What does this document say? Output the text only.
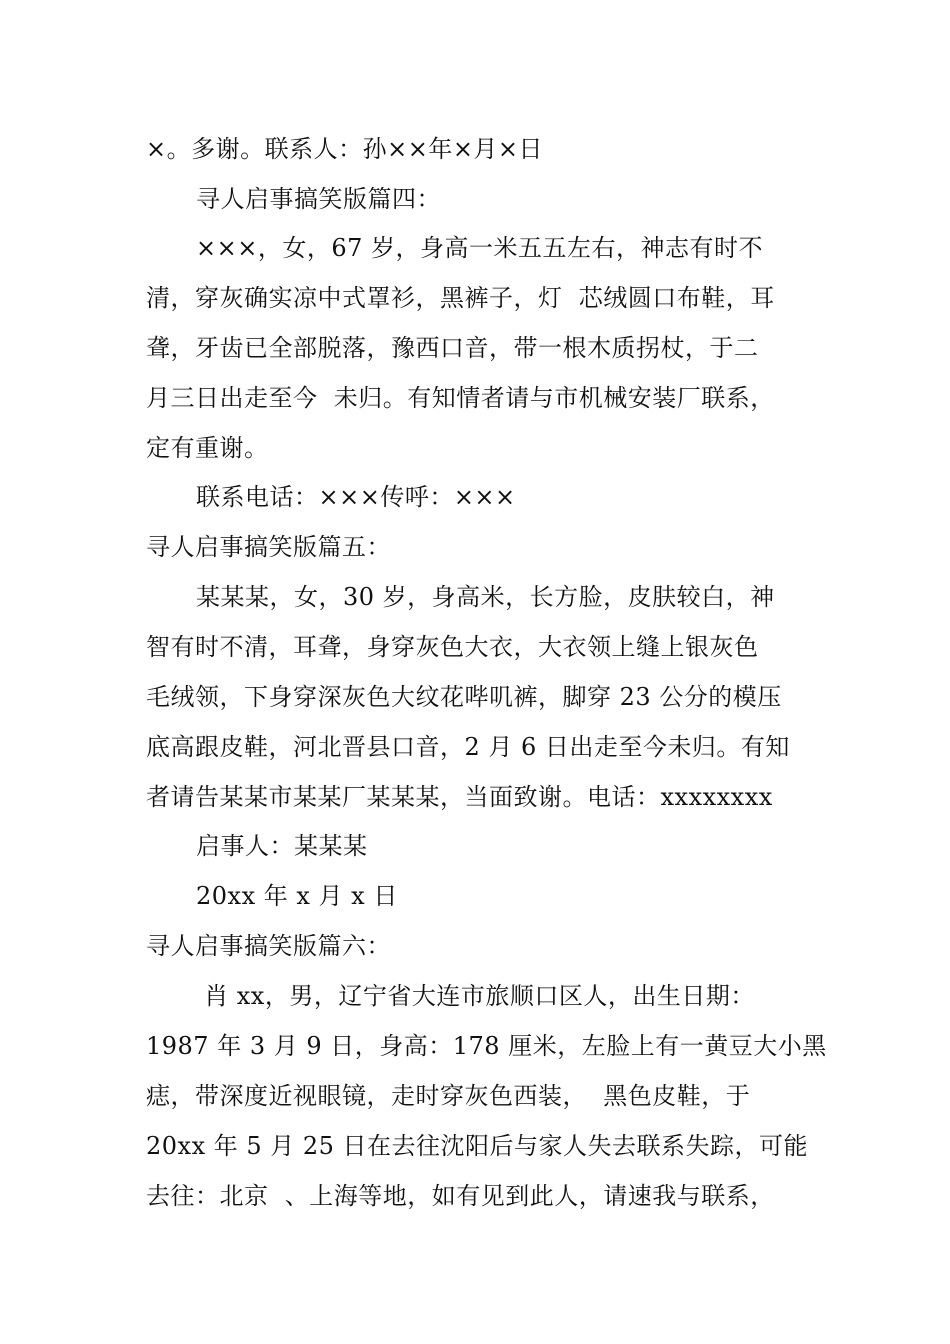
×。多谢。联系人：孙××年×月×日
寻人启事搞笑版篇四：
×××，女，67 岁，身高一米五五左右，神志有时不
清，穿灰确实凉中式罩衫，黑裤子，灯  芯绒圆口布鞋，耳
聋，牙齿已全部脱落，豫西口音，带一根木质拐杖，于二
月三日出走至今  未归。有知情者请与市机械安装厂联系，
定有重谢。
联系电话：×××传呼：×××
寻人启事搞笑版篇五：
某某某，女，30 岁，身高米，长方脸，皮肤较白，神
智有时不清，耳聋，身穿灰色大衣，大衣领上缝上银灰色
毛绒领，下身穿深灰色大纹花哔叽裤，脚穿 23 公分的模压
底高跟皮鞋，河北晋县口音，2 月 6 日出走至今未归。有知
者请告某某市某某厂某某某，当面致谢。电话：xxxxxxxx
启事人：某某某
20xx 年 x 月 x 日
寻人启事搞笑版篇六：
肖 xx，男，辽宁省大连市旅顺口区人，出生日期：
1987 年 3 月 9 日，身高：178 厘米，左脸上有一黄豆大小黑
痣，带深度近视眼镜，走时穿灰色西装，  黑色皮鞋，于
20xx 年 5 月 25 日在去往沈阳后与家人失去联系失踪，可能
去往：北京  、上海等地，如有见到此人，请速我与联系，
